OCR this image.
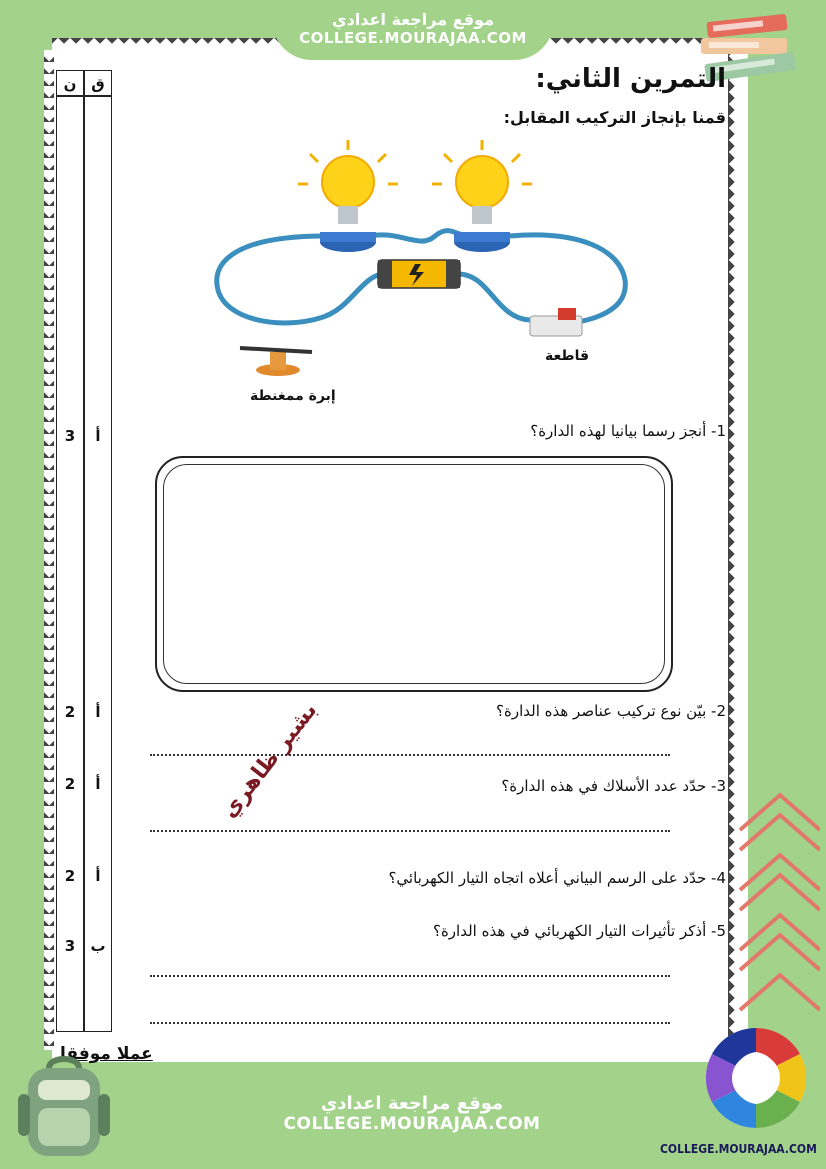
موقع مراجعة اعدادي
COLLEGE.MOURAJAA.COM
التمرين الثاني:
قمنا بإنجاز التركيب المقابل:
ق
ن
أ
3
أ
2
أ
2
أ
2
ب
3
قاطعة
إبرة ممغنطة
1- أنجز رسما بيانيا لهذه الدارة؟
2- بيّن نوع تركيب عناصر هذه الدارة؟
3- حدّد عدد الأسلاك في هذه الدارة؟
4- حدّد على الرسم البياني أعلاه اتجاه التيار الكهربائي؟
5- أذكر تأثيرات التيار الكهربائي في هذه الدارة؟
بشير ظاهري
عملا موفقا
موقع مراجعة اعدادي
COLLEGE.MOURAJAA.COM
COLLEGE.MOURAJAA.COM
